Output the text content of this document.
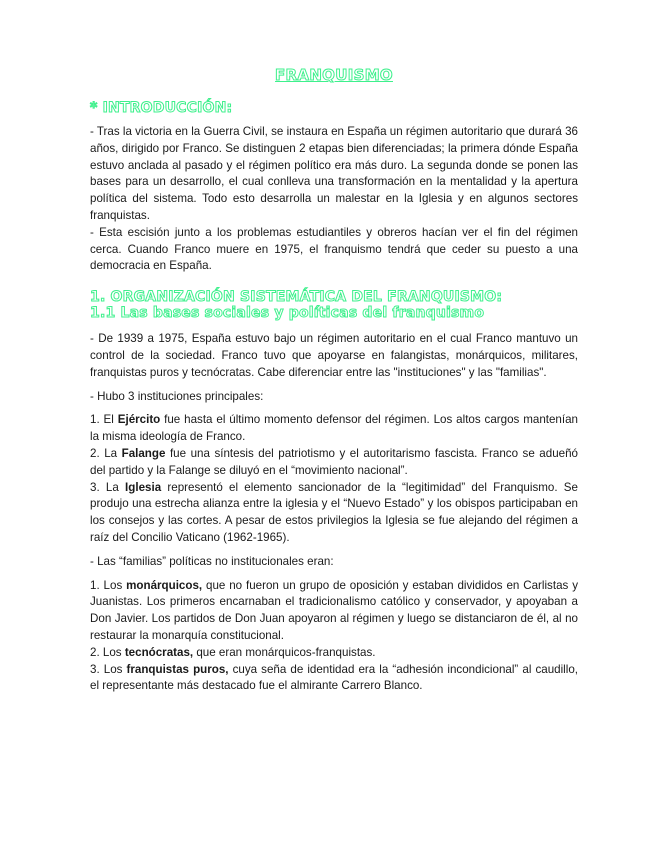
FRANQUISMO
* INTRODUCCIÓN:

- Tras la victoria en la Guerra Civil, se instaura en España un régimen autoritario que durará 36 años, dirigido por Franco. Se distinguen 2 etapas bien diferenciadas; la primera dónde España estuvo anclada al pasado y el régimen político era más duro. La segunda donde se ponen las bases para un desarrollo, el cual conlleva una transformación en la mentalidad y la apertura política del sistema. Todo esto desarrolla un malestar en la Iglesia y en algunos sectores franquistas.

- Esta escisión junto a los problemas estudiantiles y obreros hacían ver el fin del régimen cerca. Cuando Franco muere en 1975, el franquismo tendrá que ceder su puesto a una democracia en España.

1. ORGANIZACIÓN SISTEMÁTICA DEL FRANQUISMO:
1.1 Las bases sociales y políticas del franquismo

- De 1939 a 1975, España estuvo bajo un régimen autoritario en el cual Franco mantuvo un control de la sociedad. Franco tuvo que apoyarse en falangistas, monárquicos, militares, franquistas puros y tecnócratas. Cabe diferenciar entre las "instituciones" y las "familias".

- Hubo 3 instituciones principales:

1. El Ejército fue hasta el último momento defensor del régimen. Los altos cargos mantenían la misma ideología de Franco.

2. La Falange fue una síntesis del patriotismo y el autoritarismo fascista. Franco se adueñó del partido y la Falange se diluyó en el “movimiento nacional”.

3. La Iglesia representó el elemento sancionador de la “legitimidad” del Franquismo. Se produjo una estrecha alianza entre la iglesia y el “Nuevo Estado” y los obispos participaban en los consejos y las cortes. A pesar de estos privilegios la Iglesia se fue alejando del régimen a raíz del Concilio Vaticano (1962-1965).

- Las “familias” políticas no institucionales eran:

1. Los monárquicos, que no fueron un grupo de oposición y estaban divididos en Carlistas y Juanistas. Los primeros encarnaban el tradicionalismo católico y conservador, y apoyaban a Don Javier. Los partidos de Don Juan apoyaron al régimen y luego se distanciaron de él, al no restaurar la monarquía constitucional.

2. Los tecnócratas, que eran monárquicos-franquistas.

3. Los franquistas puros, cuya seña de identidad era la “adhesión incondicional” al caudillo, el representante más destacado fue el almirante Carrero Blanco.
